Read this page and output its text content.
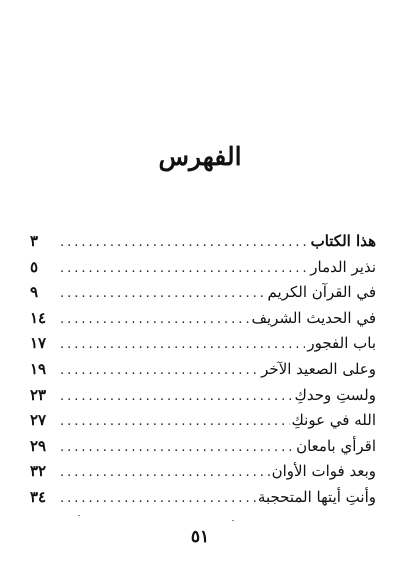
الفهرس
هذا الكتاب
.....
٣
نذير الدمار
.....
٥
في القرآن الكريم
.....
٩
في الحديث الشريف
.....
١٤
باب الفجور
.....
١٧
وعلى الصعيد الآخر
.....
١٩
ولستِ وحدكِ
.....
٢٣
الله في عونكِ
.....
٢٧
اقرأي بامعان
.....
٢٩
وبعد فوات الأوان
.....
٣٢
وأنتِ أيتها المتحجبة
.....
٣٤
٥١
